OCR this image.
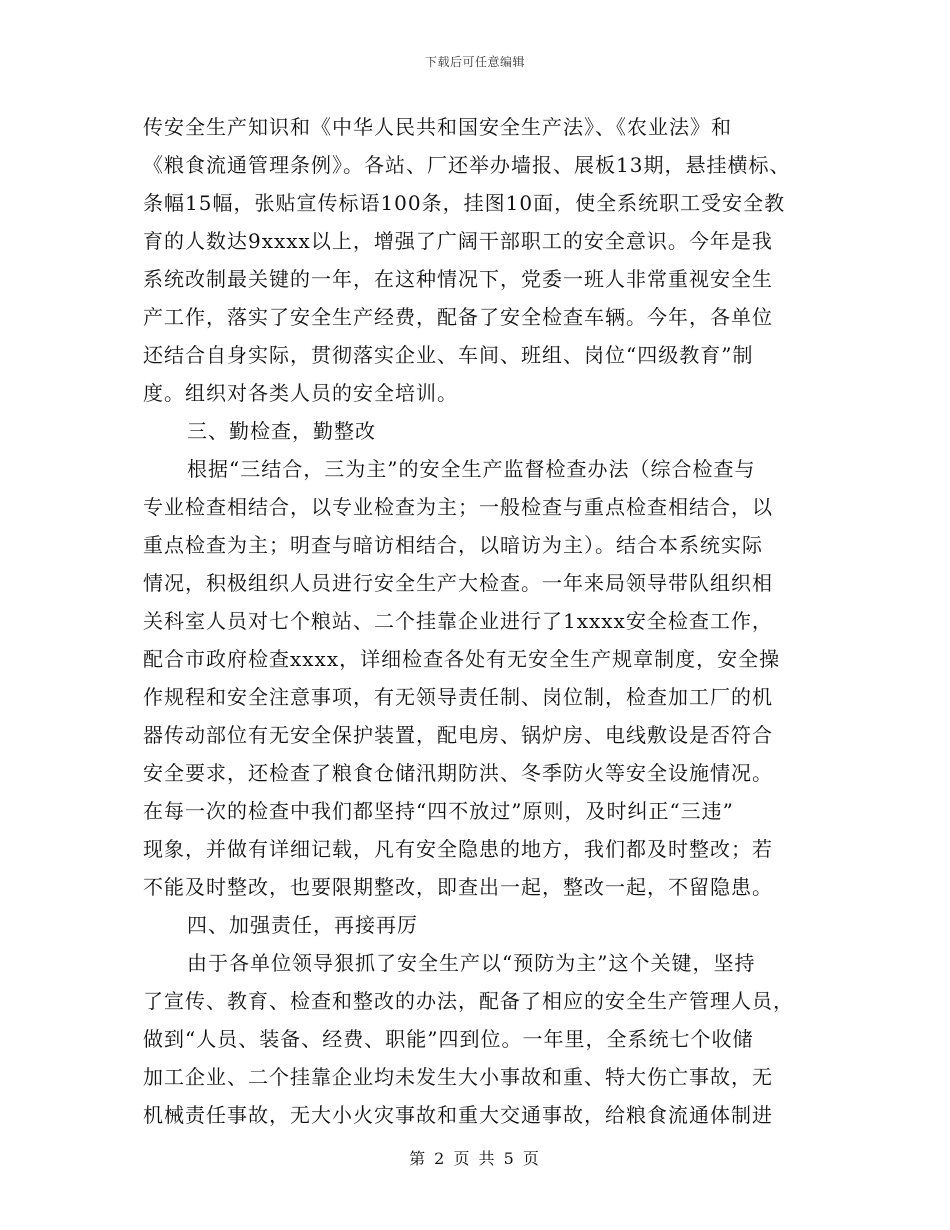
下载后可任意编辑
传安全生产知识和《中华人民共和国安全生产法》、《农业法》和
《粮食流通管理条例》。各站、厂还举办墙报、展板13期，悬挂横标、
条幅15幅，张贴宣传标语100条，挂图10面，使全系统职工受安全教
育的人数达9xxxx以上，增强了广阔干部职工的安全意识。今年是我
系统改制最关键的一年，在这种情况下，党委一班人非常重视安全生
产工作，落实了安全生产经费，配备了安全检查车辆。今年，各单位
还结合自身实际，贯彻落实企业、车间、班组、岗位“四级教育”制
度。组织对各类人员的安全培训。
三、勤检查，勤整改
根据“三结合，三为主”的安全生产监督检查办法（综合检查与
专业检查相结合，以专业检查为主；一般检查与重点检查相结合，以
重点检查为主；明查与暗访相结合，以暗访为主）。结合本系统实际
情况，积极组织人员进行安全生产大检查。一年来局领导带队组织相
关科室人员对七个粮站、二个挂靠企业进行了1xxxx安全检查工作，
配合市政府检查xxxx，详细检查各处有无安全生产规章制度，安全操
作规程和安全注意事项，有无领导责任制、岗位制，检查加工厂的机
器传动部位有无安全保护装置，配电房、锅炉房、电线敷设是否符合
安全要求，还检查了粮食仓储汛期防洪、冬季防火等安全设施情况。
在每一次的检查中我们都坚持“四不放过”原则，及时纠正“三违”
现象，并做有详细记载，凡有安全隐患的地方，我们都及时整改；若
不能及时整改，也要限期整改，即查出一起，整改一起，不留隐患。
四、加强责任，再接再厉
由于各单位领导狠抓了安全生产以“预防为主”这个关键，坚持
了宣传、教育、检查和整改的办法，配备了相应的安全生产管理人员，
做到“人员、装备、经费、职能”四到位。一年里，全系统七个收储
加工企业、二个挂靠企业均未发生大小事故和重、特大伤亡事故，无
机械责任事故，无大小火灾事故和重大交通事故，给粮食流通体制进
第 2 页 共 5 页
